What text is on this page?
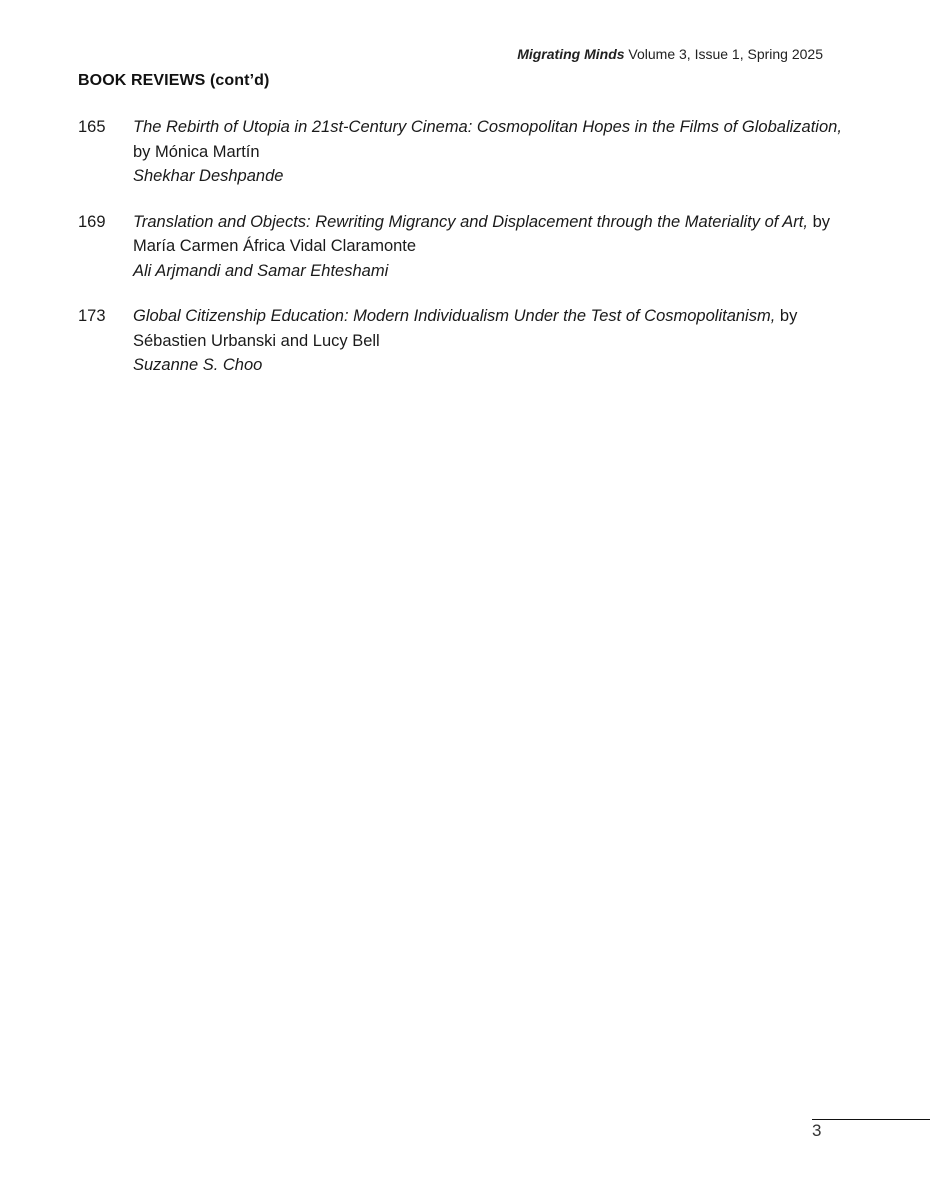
Migrating Minds Volume 3, Issue 1, Spring 2025
BOOK REVIEWS (cont’d)
165	The Rebirth of Utopia in 21st-Century Cinema: Cosmopolitan Hopes in the Films of Globalization, by Mónica Martín
Shekhar Deshpande
169	Translation and Objects: Rewriting Migrancy and Displacement through the Materiality of Art, by María Carmen África Vidal Claramonte
Ali Arjmandi and Samar Ehteshami
173	Global Citizenship Education: Modern Individualism Under the Test of Cosmopolitanism, by Sébastien Urbanski and Lucy Bell
Suzanne S. Choo
3
